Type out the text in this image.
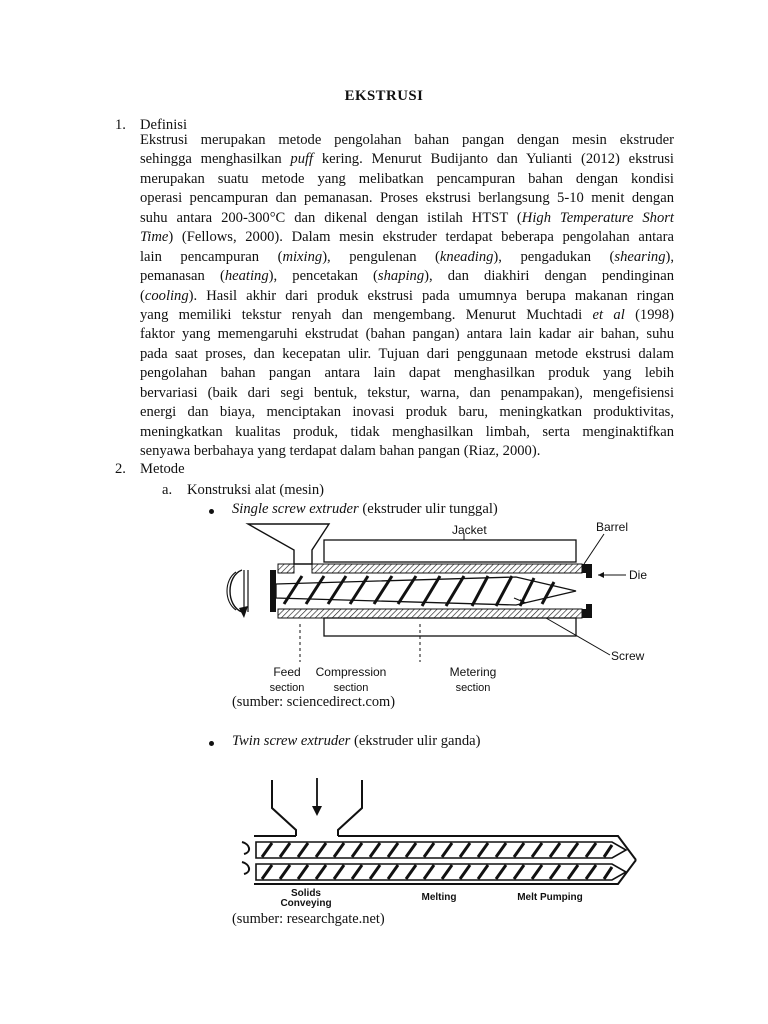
EKSTRUSI
1. Definisi
Ekstrusi merupakan metode pengolahan bahan pangan dengan mesin ekstruder
sehingga menghasilkan puff kering. Menurut Budijanto dan Yulianti (2012) ekstrusi
merupakan suatu metode yang melibatkan pencampuran bahan dengan kondisi
operasi pencampuran dan pemanasan. Proses ekstrusi berlangsung 5-10 menit dengan
suhu antara 200-300°C dan dikenal dengan istilah HTST (High Temperature Short
Time) (Fellows, 2000). Dalam mesin ekstruder terdapat beberapa pengolahan antara
lain pencampuran (mixing), pengulenan (kneading), pengadukan (shearing),
pemanasan (heating), pencetakan (shaping), dan diakhiri dengan pendinginan
(cooling). Hasil akhir dari produk ekstrusi pada umumnya berupa makanan ringan
yang memiliki tekstur renyah dan mengembang. Menurut Muchtadi et al (1998)
faktor yang memengaruhi ekstrudat (bahan pangan) antara lain kadar air bahan, suhu
pada saat proses, dan kecepatan ulir. Tujuan dari penggunaan metode ekstrusi dalam
pengolahan bahan pangan antara lain dapat menghasilkan produk yang lebih
bervariasi (baik dari segi bentuk, tekstur, warna, dan penampakan), mengefisiensi
energi dan biaya, menciptakan inovasi produk baru, meningkatkan produktivitas,
meningkatkan kualitas produk, tidak menghasilkan limbah, serta menginaktifkan
senyawa berbahaya yang terdapat dalam bahan pangan (Riaz, 2000).
2. Metode
a. Konstruksi alat (mesin)
Single screw extruder (ekstruder ulir tunggal)
Jacket	Barrel
Die
Screw
Feed
section
Compression
section
Metering
section
(sumber: sciencedirect.com)
Twin screw extruder (ekstruder ulir ganda)
Solids
Conveying
Melting	Melt Pumping
(sumber: researchgate.net)
